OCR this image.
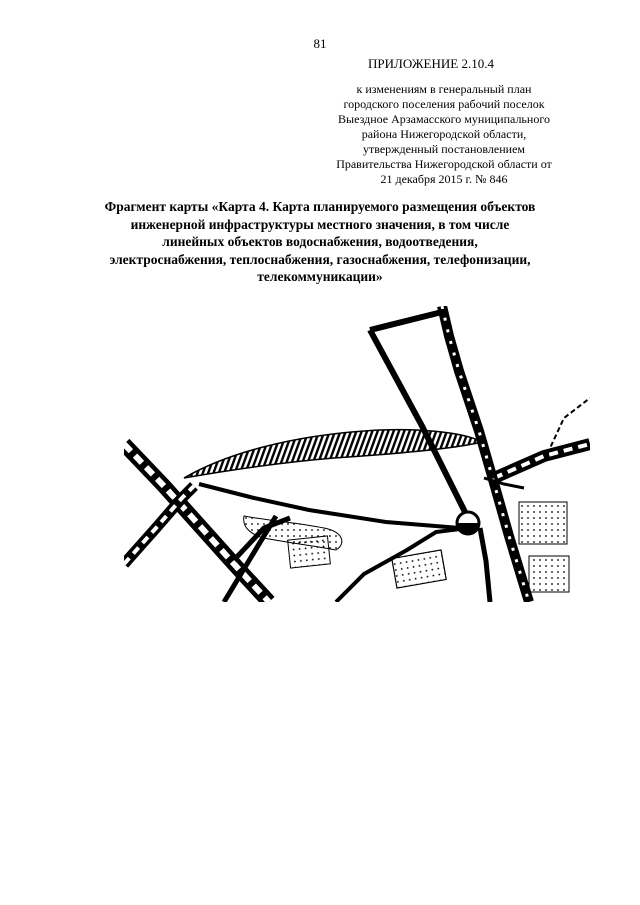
81
ПРИЛОЖЕНИЕ 2.10.4
к изменениям в генеральный план
городского поселения рабочий поселок
Выездное Арзамасского муниципального
района Нижегородской области,
утвержденный постановлением
Правительства Нижегородской области от
21 декабря 2015 г. № 846
Фрагмент карты «Карта 4. Карта планируемого размещения объектов
инженерной инфраструктуры местного значения, в том числе
линейных объектов водоснабжения, водоотведения,
электроснабжения, теплоснабжения, газоснабжения, телефонизации,
телекоммуникации»
